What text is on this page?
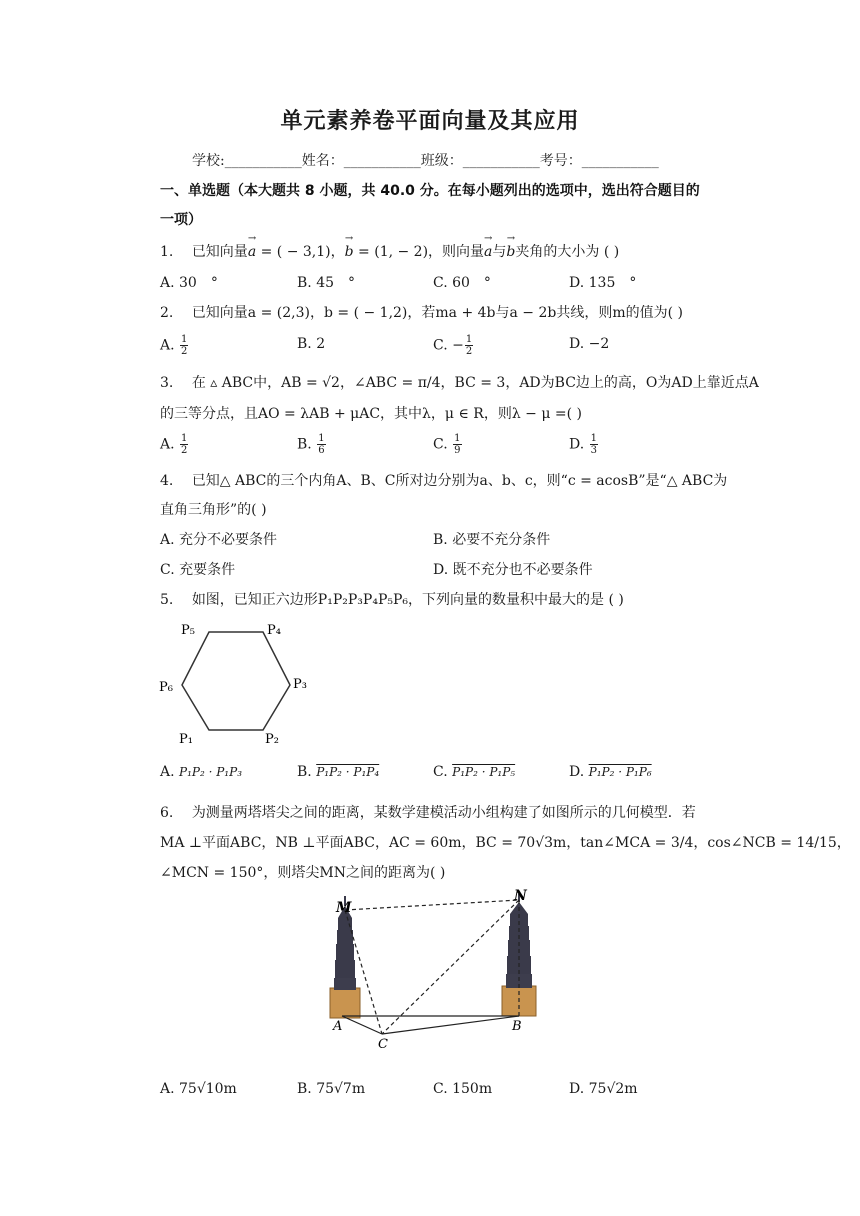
单元素养卷平面向量及其应用
学校:___________姓名：___________班级：___________考号：___________
一、单选题（本大题共 8 小题，共 40.0 分。在每小题列出的选项中，选出符合题目的
一项）
1. 已知向量→ a = ( − 3,1)，→ b = (1, − 2)，则向量→ a与→ b夹角的大小为 ( )
A. 30　°	B. 45　°	C. 60　°	D. 135　°
2. 已知向量a = (2,3)，b = ( − 1,2)，若ma + 4b与a − 2b共线，则m的值为( )
A. $\frac{1}{2}$	B. 2	C. − $\frac{1}{2}$	D. −2
3. 在 ▵ ABC中，AB = √2，∠ABC = π/4，BC = 3，AD为BC边上的高，O为AD上靠近点A
的三等分点，且AO = λAB + μAC，其中λ，μ ∈ R，则λ − μ =( )
A. $\frac{1}{2}$	B. $\frac{1}{6}$	C. $\frac{1}{9}$	D. $\frac{1}{3}$
4. 已知△ ABC的三个内角A、B、C所对边分别为a、b、c，则“c = acosB”是“△ ABC为
直角三角形”的( )
A. 充分不必要条件	B. 必要不充分条件
C. 充要条件	D. 既不充分也不必要条件
5. 如图，已知正六边形P₁P₂P₃P₄P₅P₆，下列向量的数量积中最大的是 ( )
P₁	P₂
P₃
P₄
P₅
P₆
A. P₁P₂ · P₁P₃	B. P₁P₂ · P₁P₄	C. P₁P₂ · P₁P₅	D. P₁P₂ · P₁P₆
6. 为测量两塔塔尖之间的距离，某数学建模活动小组构建了如图所示的几何模型．若
MA ⊥平面ABC，NB ⊥平面ABC，AC = 60m，BC = 70√3m，tan∠MCA = 3/4，cos∠NCB = 14/15，
∠MCN = 150°，则塔尖MN之间的距离为( )
M
N
A	B
C
A. 75√10m	B. 75√7m	C. 150m	D. 75√2m
